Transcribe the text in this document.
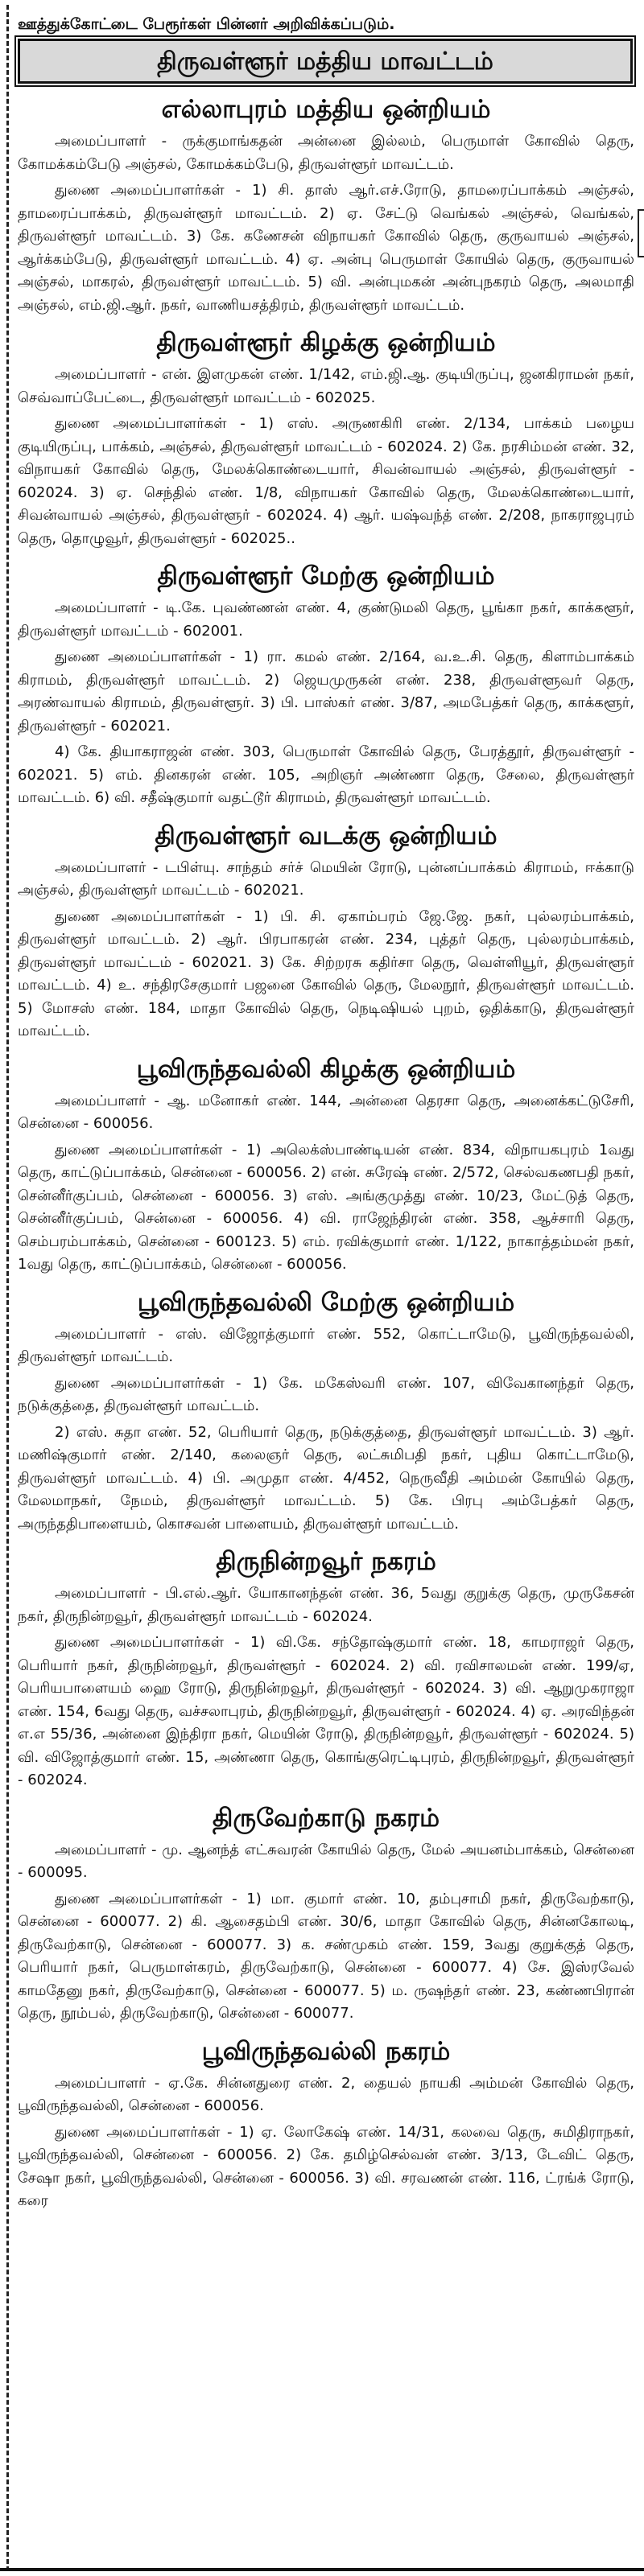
ஊத்துக்கோட்டை பேரூர்கள் பின்னர் அறிவிக்கப்படும்.
திருவள்ளூர் மத்திய மாவட்டம்
எல்லாபுரம் மத்திய ஒன்றியம்

அமைப்பாளர் - ருக்குமாங்கதன் அன்னை இல்லம், பெருமாள் கோவில் தெரு, கோமக்கம்பேடு அஞ்சல், கோமக்கம்பேடு, திருவள்ளூர் மாவட்டம்.

துணை அமைப்பாளர்கள் - 1) சி. தாஸ் ஆர்.எச்.ரோடு, தாமரைப்பாக்கம் அஞ்சல், தாமரைப்பாக்கம், திருவள்ளூர் மாவட்டம். 2) ஏ. சேட்டு வெங்கல் அஞ்சல், வெங்கல், திருவள்ளூர் மாவட்டம். 3) கே. கணேசன் விநாயகர் கோவில் தெரு, குருவாயல் அஞ்சல், ஆர்க்கம்பேடு, திருவள்ளூர் மாவட்டம். 4) ஏ. அன்பு பெருமாள் கோயில் தெரு, குருவாயல் அஞ்சல், மாகரல், திருவள்ளூர் மாவட்டம். 5) வி. அன்புமகன் அன்புநகரம் தெரு, அலமாதி அஞ்சல், எம்.ஜி.ஆர். நகர், வாணியசத்திரம், திருவள்ளூர் மாவட்டம்.

திருவள்ளூர் கிழக்கு ஒன்றியம்

அமைப்பாளர் - என். இளமுகன் எண். 1/142, எம்.ஜி.ஆ. குடியிருப்பு, ஜனகிராமன் நகர், செவ்வாப்பேட்டை, திருவள்ளூர் மாவட்டம் - 602025.

துணை அமைப்பாளர்கள் - 1) எஸ். அருணகிரி எண். 2/134, பாக்கம் பழைய குடியிருப்பு, பாக்கம், அஞ்சல், திருவள்ளூர் மாவட்டம் - 602024. 2) கே. நரசிம்மன் எண். 32, விநாயகர் கோவில் தெரு, மேலக்கொண்டையார், சிவன்வாயல் அஞ்சல், திருவள்ளூர் - 602024. 3) ஏ. செந்தில் எண். 1/8, விநாயகர் கோவில் தெரு, மேலக்கொண்டையார், சிவன்வாயல் அஞ்சல், திருவள்ளூர் - 602024. 4) ஆர். யஷ்வந்த் எண். 2/208, நாகராஜபுரம் தெரு, தொழுவூர், திருவள்ளூர் - 602025..

திருவள்ளூர் மேற்கு ஒன்றியம்

அமைப்பாளர் - டி.கே. புவண்ணன் எண். 4, குண்டுமலி தெரு, பூங்கா நகர், காக்களூர், திருவள்ளூர் மாவட்டம் - 602001.

துணை அமைப்பாளர்கள் - 1) ரா. கமல் எண். 2/164, வ.உ.சி. தெரு, கிளாம்பாக்கம் கிராமம், திருவள்ளூர் மாவட்டம். 2) ஜெயமுருகன் எண். 238, திருவள்ளூவர் தெரு, அரண்வாயல் கிராமம், திருவள்ளூர். 3) பி. பாஸ்கர் எண். 3/87, அமபேத்கர் தெரு, காக்களூர், திருவள்ளூர் - 602021.

4) கே. தியாகராஜன் எண். 303, பெருமாள் கோவில் தெரு, பேரத்தூர், திருவள்ளூர் - 602021. 5) எம். தினகரன் எண். 105, அறிஞர் அண்ணா தெரு, சேலை, திருவள்ளூர் மாவட்டம். 6) வி. சதீஷ்குமார் வதட்டூர் கிராமம், திருவள்ளூர் மாவட்டம்.

திருவள்ளூர் வடக்கு ஒன்றியம்

அமைப்பாளர் - டபிள்யு. சாந்தம் சர்ச் மெயின் ரோடு, புன்னப்பாக்கம் கிராமம், ஈக்காடு அஞ்சல், திருவள்ளூர் மாவட்டம் - 602021.

துணை அமைப்பாளர்கள் - 1) பி. சி. ஏகாம்பரம் ஜே.ஜே. நகர், புல்லரம்பாக்கம், திருவள்ளூர் மாவட்டம். 2) ஆர். பிரபாகரன் எண். 234, புத்தர் தெரு, புல்லரம்பாக்கம், திருவள்ளூர் மாவட்டம் - 602021. 3) கே. சிற்றரசு கதிர்சா தெரு, வெள்ளியூர், திருவள்ளூர் மாவட்டம். 4) உ. சந்திரசேகுமார் பஜனை கோவில் தெரு, மேலநூர், திருவள்ளூர் மாவட்டம். 5) மோசஸ் எண். 184, மாதா கோவில் தெரு, நெடிஷியல் புறம், ஒதிக்காடு, திருவள்ளூர் மாவட்டம்.

பூவிருந்தவல்லி கிழக்கு ஒன்றியம்

அமைப்பாளர் - ஆ. மனோகர் எண். 144, அன்னை தெரசா தெரு, அனைக்கட்டுசேரி, சென்னை - 600056.

துணை அமைப்பாளர்கள் - 1) அலெக்ஸ்பாண்டியன் எண். 834, விநாயகபுரம் 1வது தெரு, காட்டுப்பாக்கம், சென்னை - 600056. 2) என். சுரேஷ் எண். 2/572, செல்வகணபதி நகர், சென்னீர்குப்பம், சென்னை - 600056. 3) எஸ். அங்குமுத்து எண். 10/23, மேட்டுத் தெரு, சென்னீர்குப்பம், சென்னை - 600056. 4) வி. ராஜேந்திரன் எண். 358, ஆச்சாரி தெரு, செம்பரம்பாக்கம், சென்னை - 600123. 5) எம். ரவிக்குமார் எண். 1/122, நாகாத்தம்மன் நகர், 1வது தெரு, காட்டுப்பாக்கம், சென்னை - 600056.

பூவிருந்தவல்லி மேற்கு ஒன்றியம்

அமைப்பாளர் - எஸ். விஜோத்குமார் எண். 552, கொட்டாமேடு, பூவிருந்தவல்லி, திருவள்ளூர் மாவட்டம்.

துணை அமைப்பாளர்கள் - 1) கே. மகேஸ்வரி எண். 107, விவேகானந்தர் தெரு, நடுக்குத்தை, திருவள்ளூர் மாவட்டம்.

2) எஸ். சுதா எண். 52, பெரியார் தெரு, நடுக்குத்தை, திருவள்ளூர் மாவட்டம். 3) ஆர். மணிஷ்குமார் எண். 2/140, கலைஞர் தெரு, லட்சுமிபதி நகர், புதிய கொட்டாமேடு, திருவள்ளூர் மாவட்டம். 4) பி. அமுதா எண். 4/452, நெருவீதி அம்மன் கோயில் தெரு, மேலமாநகர், நேமம், திருவள்ளூர் மாவட்டம். 5) கே. பிரபு அம்பேத்கர் தெரு, அருந்ததிபாளையம், கொசவன் பாளையம், திருவள்ளூர் மாவட்டம்.

திருநின்றவூர் நகரம்

அமைப்பாளர் - பி.எல்.ஆர். யோகானந்தன் எண். 36, 5வது குறுக்கு தெரு, முருகேசன் நகர், திருநின்றவூர், திருவள்ளூர் மாவட்டம் - 602024.

துணை அமைப்பாளர்கள் - 1) வி.கே. சந்தோஷ்குமார் எண். 18, காமராஜர் தெரு, பெரியார் நகர், திருநின்றவூர், திருவள்ளூர் - 602024. 2) வி. ரவிசாலமன் எண். 199/ஏ, பெரியபாளையம் ஹை ரோடு, திருநின்றவூர், திருவள்ளூர் - 602024. 3) வி. ஆறுமுகராஜா எண். 154, 6வது தெரு, வச்சலாபுரம், திருநின்றவூர், திருவள்ளூர் - 602024. 4) ஏ. அரவிந்தன் எ.எ 55/36, அன்னை இந்திரா நகர், மெயின் ரோடு, திருநின்றவூர், திருவள்ளூர் - 602024. 5) வி. விஜோத்குமார் எண். 15, அண்ணா தெரு, கொங்குரெட்டிபுரம், திருநின்றவூர், திருவள்ளூர் - 602024.

திருவேற்காடு நகரம்

அமைப்பாளர் - மு. ஆனந்த் எட்சுவரன் கோயில் தெரு, மேல் அயனம்பாக்கம், சென்னை - 600095.

துணை அமைப்பாளர்கள் - 1) மா. குமார் எண். 10, தம்புசாமி நகர், திருவேற்காடு, சென்னை - 600077. 2) கி. ஆசைதம்பி எண். 30/6, மாதா கோவில் தெரு, சின்னகோலடி, திருவேற்காடு, சென்னை - 600077. 3) க. சண்முகம் எண். 159, 3வது குறுக்குத் தெரு, பெரியார் நகர், பெருமாள்கரம், திருவேற்காடு, சென்னை - 600077. 4) சே. இஸ்ரவேல் காமதேனு நகர், திருவேற்காடு, சென்னை - 600077. 5) ம. ருஷந்தர் எண். 23, கண்ணபிரான் தெரு, நூம்பல், திருவேற்காடு, சென்னை - 600077.

பூவிருந்தவல்லி நகரம்

அமைப்பாளர் - ஏ.கே. சின்னதுரை எண். 2, தையல் நாயகி அம்மன் கோவில் தெரு, பூவிருந்தவல்லி, சென்னை - 600056.

துணை அமைப்பாளர்கள் - 1) ஏ. லோகேஷ் எண். 14/31, கலவை தெரு, சுமிதிராநகர், பூவிருந்தவல்லி, சென்னை - 600056. 2) கே. தமிழ்செல்வன் எண். 3/13, டேவிட் தெரு, சேஷா நகர், பூவிருந்தவல்லி, சென்னை - 600056. 3) வி. சரவணன் எண். 116, ட்ரங்க் ரோடு, கரை
